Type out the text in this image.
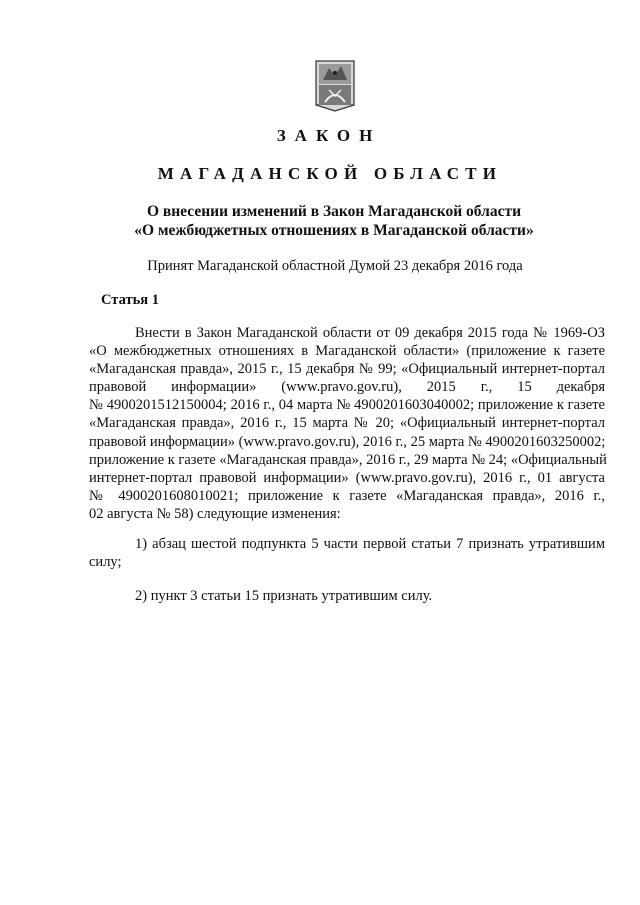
ЗАКОН
МАГАДАНСКОЙ ОБЛАСТИ
О внесении изменений в Закон Магаданской области
«О межбюджетных отношениях в Магаданской области»
Принят Магаданской областной Думой 23 декабря 2016 года
Статья 1
Внести в Закон Магаданской области от 09 декабря 2015 года № 1969-ОЗ
«О межбюджетных отношениях в Магаданской области» (приложение к газете
«Магаданская правда», 2015 г., 15 декабря № 99; «Официальный интернет-портал
правовой информации» (www.pravo.gov.ru), 2015 г., 15 декабря
№ 4900201512150004; 2016 г., 04 марта № 4900201603040002; приложение к газете
«Магаданская правда», 2016 г., 15 марта № 20; «Официальный интернет-портал
правовой информации» (www.pravo.gov.ru), 2016 г., 25 марта № 4900201603250002;
приложение к газете «Магаданская правда», 2016 г., 29 марта № 24; «Официальный
интернет-портал правовой информации» (www.pravo.gov.ru), 2016 г., 01 августа
№ 4900201608010021; приложение к газете «Магаданская правда», 2016 г.,
02 августа № 58) следующие изменения:
1) абзац шестой подпункта 5 части первой статьи 7 признать утратившим
силу;
2) пункт 3 статьи 15 признать утратившим силу.
